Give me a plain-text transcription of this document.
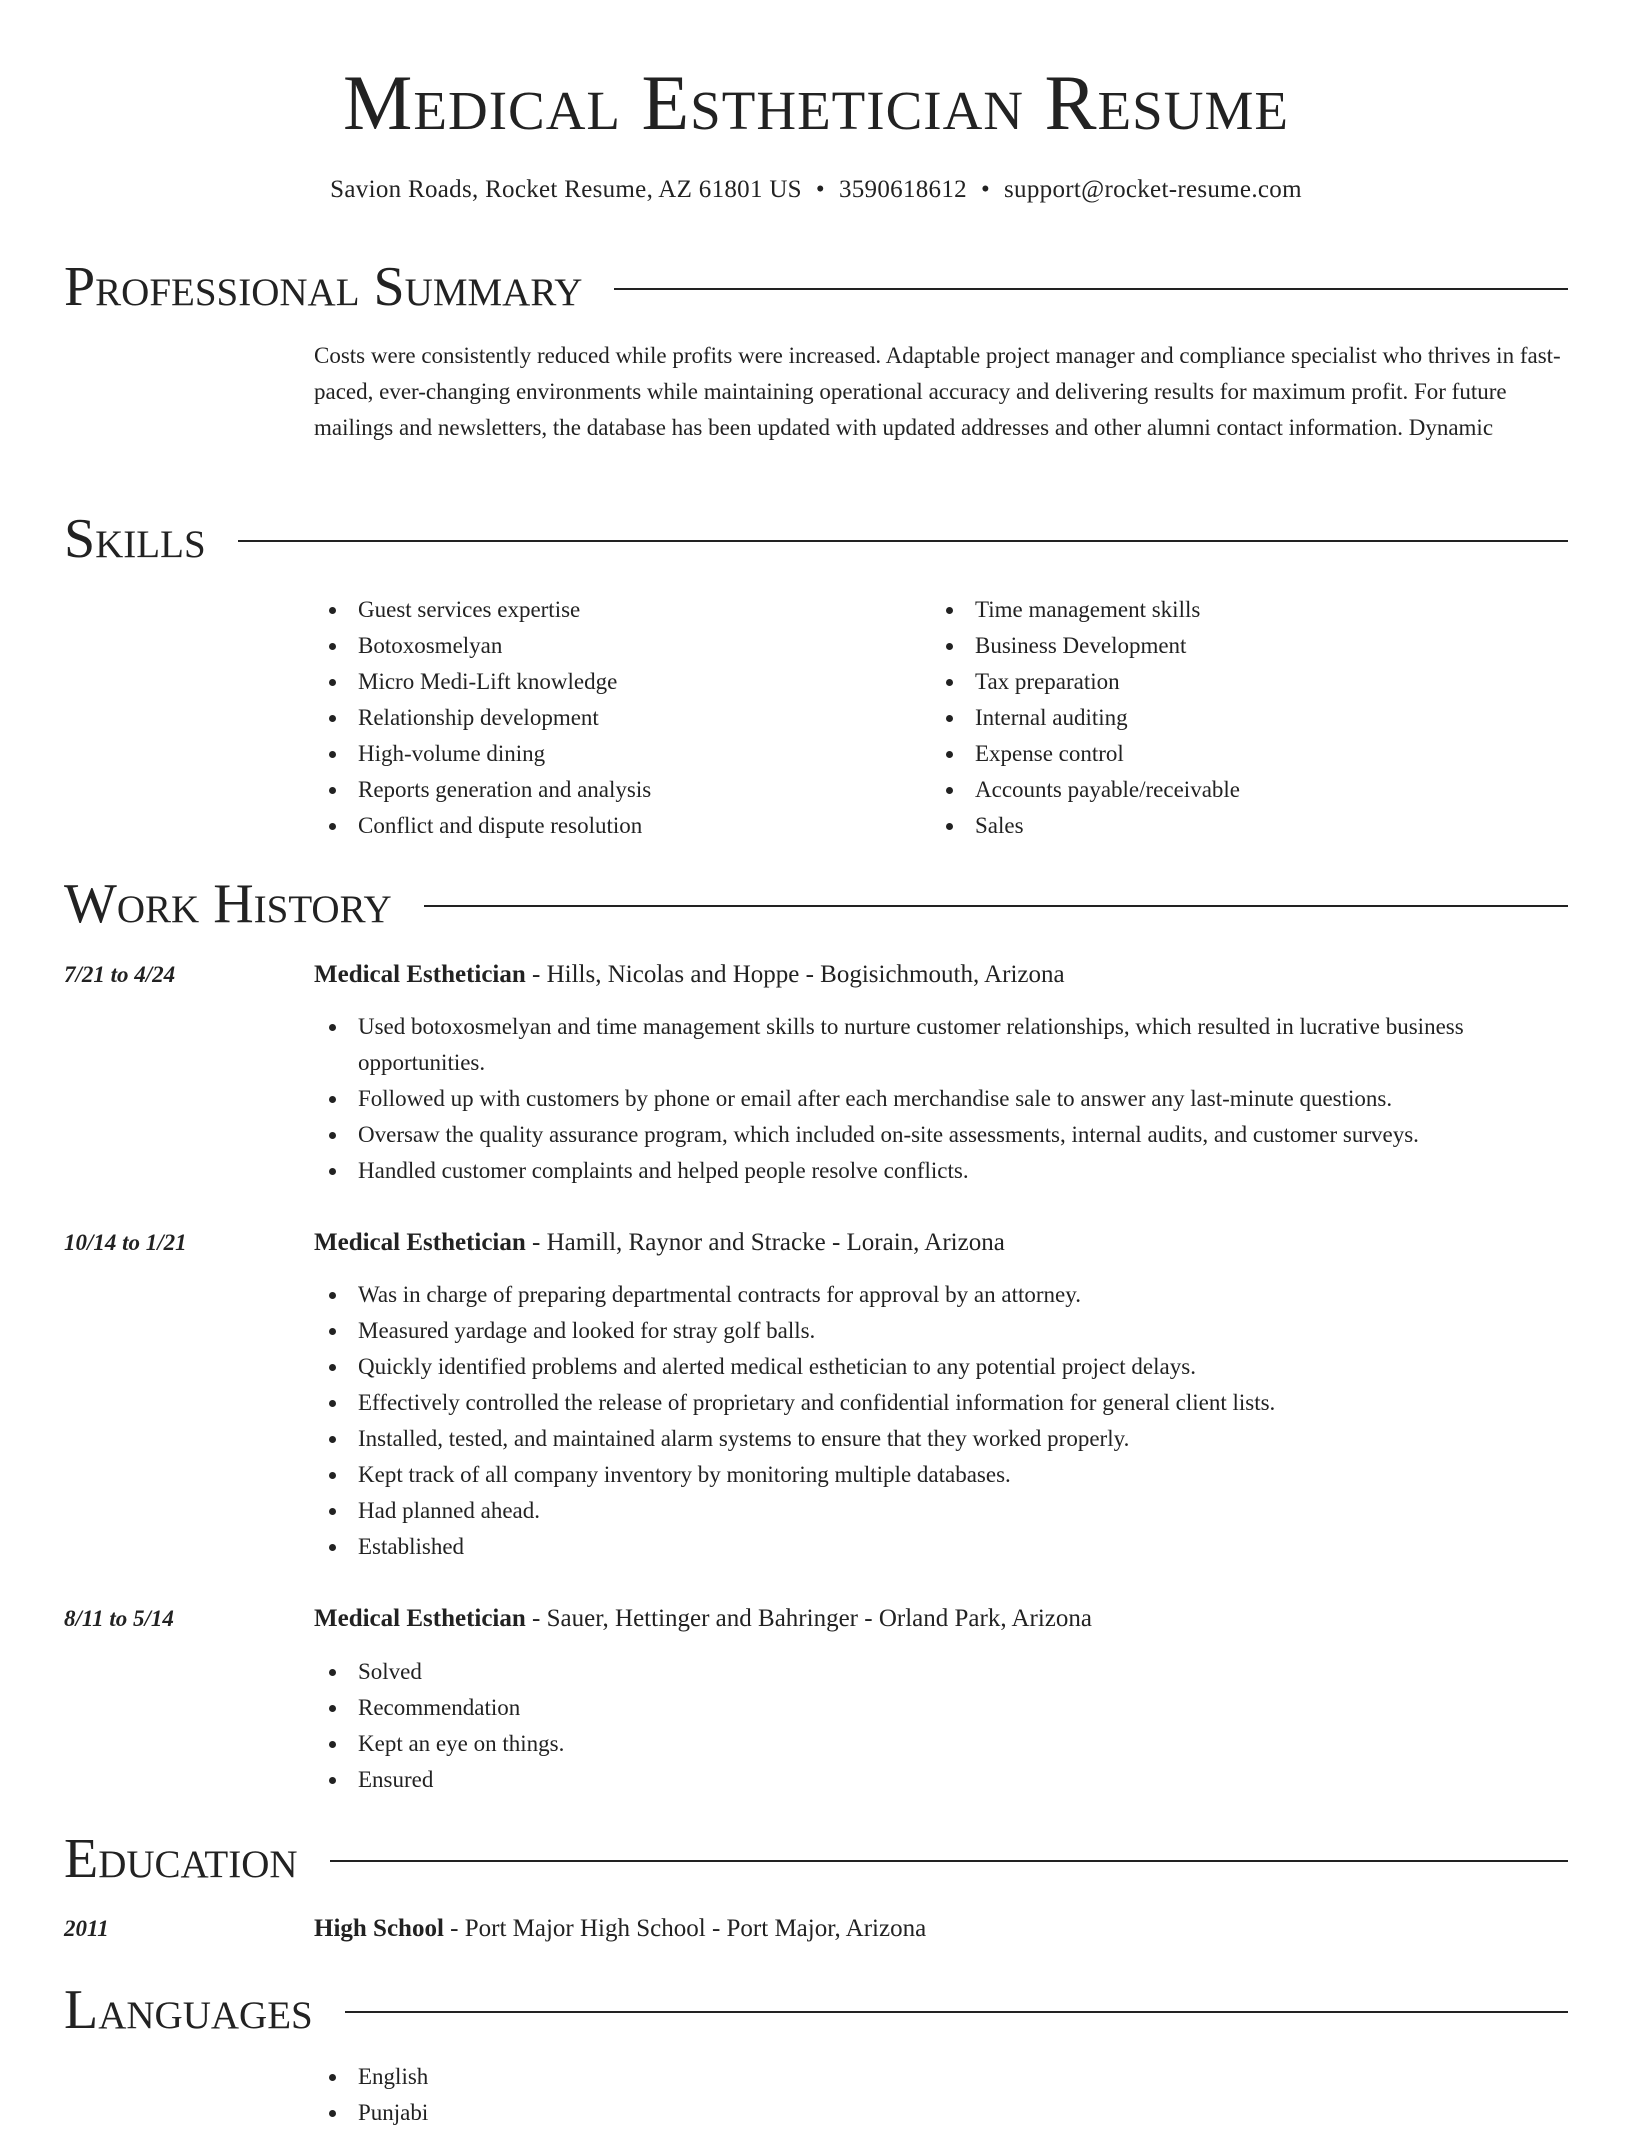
Medical Esthetician Resume
Savion Roads, Rocket Resume, AZ 61801 US • 3590618612 • support@rocket-resume.com
Professional Summary
Costs were consistently reduced while profits were increased. Adaptable project manager and compliance specialist who thrives in fast-paced, ever-changing environments while maintaining operational accuracy and delivering results for maximum profit. For future mailings and newsletters, the database has been updated with updated addresses and other alumni contact information. Dynamic
Skills
Guest services expertise
Botoxosmelyan
Micro Medi-Lift knowledge
Relationship development
High-volume dining
Reports generation and analysis
Conflict and dispute resolution
Time management skills
Business Development
Tax preparation
Internal auditing
Expense control
Accounts payable/receivable
Sales
Work History
7/21 to 4/24	Medical Esthetician - Hills, Nicolas and Hoppe - Bogisichmouth, Arizona
Used botoxosmelyan and time management skills to nurture customer relationships, which resulted in lucrative business opportunities.
Followed up with customers by phone or email after each merchandise sale to answer any last-minute questions.
Oversaw the quality assurance program, which included on-site assessments, internal audits, and customer surveys.
Handled customer complaints and helped people resolve conflicts.
10/14 to 1/21	Medical Esthetician - Hamill, Raynor and Stracke - Lorain, Arizona
Was in charge of preparing departmental contracts for approval by an attorney.
Measured yardage and looked for stray golf balls.
Quickly identified problems and alerted medical esthetician to any potential project delays.
Effectively controlled the release of proprietary and confidential information for general client lists.
Installed, tested, and maintained alarm systems to ensure that they worked properly.
Kept track of all company inventory by monitoring multiple databases.
Had planned ahead.
Established
8/11 to 5/14	Medical Esthetician - Sauer, Hettinger and Bahringer - Orland Park, Arizona
Solved
Recommendation
Kept an eye on things.
Ensured
Education
2011	High School - Port Major High School - Port Major, Arizona
Languages
English
Punjabi
